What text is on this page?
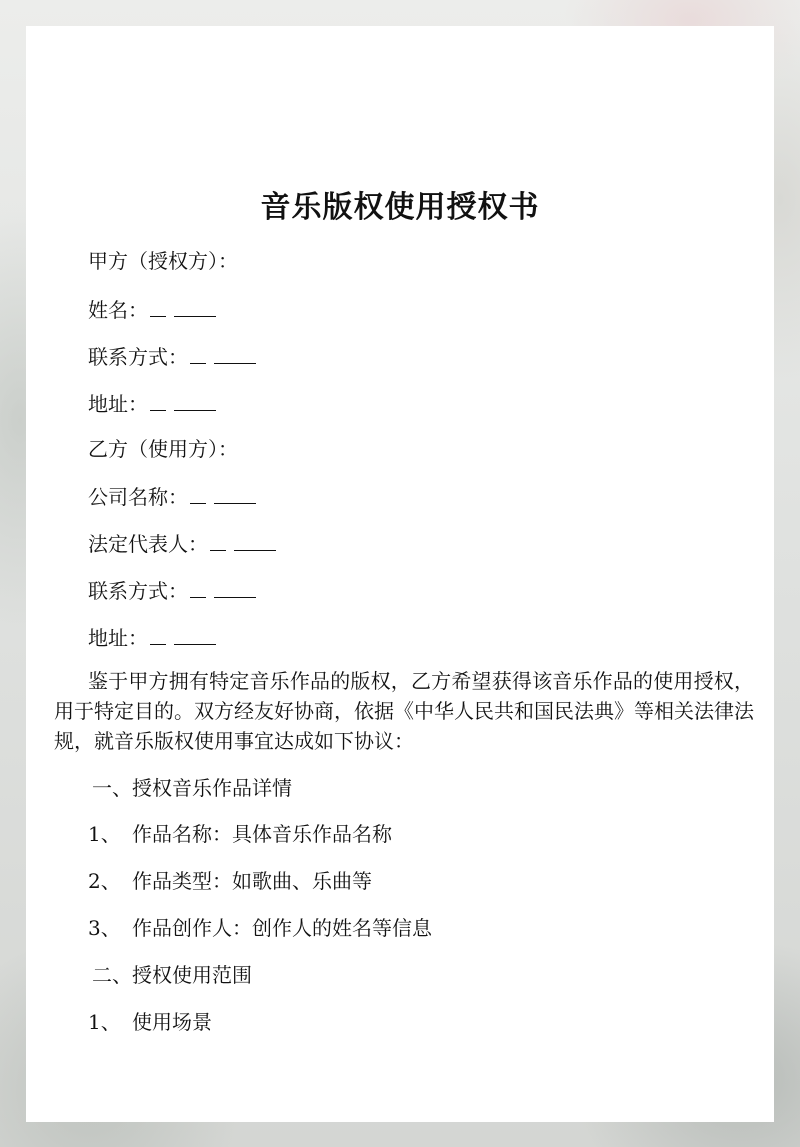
音乐版权使用授权书
甲方（授权方）：
姓名：
联系方式：
地址：
乙方（使用方）：
公司名称：
法定代表人：
联系方式：
地址：
鉴于甲方拥有特定音乐作品的版权，乙方希望获得该音乐作品的使用授权，用于特定目的。双方经友好协商，依据《中华人民共和国民法典》等相关法律法规，就音乐版权使用事宜达成如下协议：
一、授权音乐作品详情
1、 作品名称：具体音乐作品名称
2、 作品类型：如歌曲、乐曲等
3、 作品创作人：创作人的姓名等信息
二、授权使用范围
1、 使用场景
